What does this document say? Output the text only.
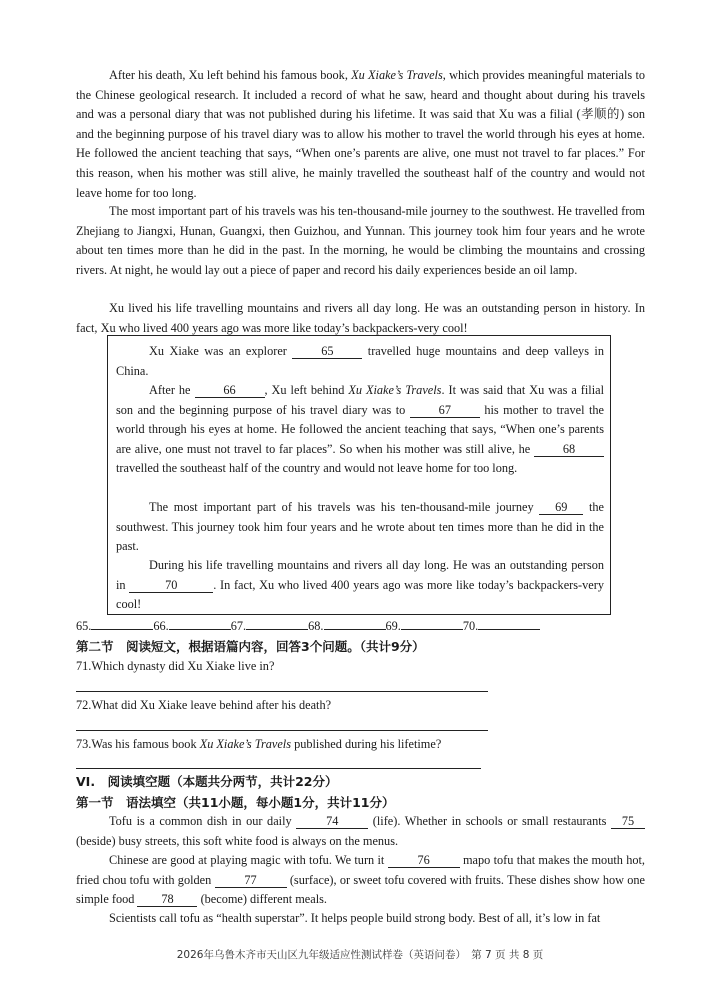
After his death, Xu left behind his famous book, Xu Xiake’s Travels, which provides meaningful materials to the Chinese geological research. It included a record of what he saw, heard and thought about during his travels and was a personal diary that was not published during his lifetime. It was said that Xu was a filial (孝顺的) son and the beginning purpose of his travel diary was to allow his mother to travel the world through his eyes at home. He followed the ancient teaching that says, “When one’s parents are alive, one must not travel to far places.” For this reason, when his mother was still alive, he mainly travelled the southeast half of the country and would not leave home for too long.

The most important part of his travels was his ten-thousand-mile journey to the southwest. He travelled from Zhejiang to Jiangxi, Hunan, Guangxi, then Guizhou, and Yunnan. This journey took him four years and he wrote about ten times more than he did in the past. In the morning, he would be climbing the mountains and crossing rivers. At night, he would lay out a piece of paper and record his daily experiences beside an oil lamp.

Xu lived his life travelling mountains and rivers all day long. He was an outstanding person in history. In fact, Xu who lived 400 years ago was more like today’s backpackers-very cool!

Xu Xiake was an explorer	65	travelled huge mountains and deep valleys in China.

After he	66 , Xu left behind Xu Xiake’s Travels. It was said that Xu was a filial son and the beginning purpose of his travel diary was to	67	his mother to travel the world through his eyes at home. He followed the ancient teaching that says, “When one’s parents are alive, one must not travel to far places”. So when his mother was still alive, he	68 travelled the southeast half of the country and would not leave home for too long.

The most important part of his travels was his ten-thousand-mile journey 69 the southwest. This journey took him four years and he wrote about ten times more than he did in the past.

During his life travelling mountains and rivers all day long. He was an outstanding person in	70	. In fact, Xu who lived 400 years ago was more like today’s backpackers-very cool!

65.	66.	67.	68.	69.	70.
第二节　阅读短文，根据语篇内容，回答3个问题。（共计9分）
71.Which dynasty did Xu Xiake live in?
72.What did Xu Xiake leave behind after his death?
73.Was his famous book Xu Xiake’s Travels published during his lifetime?
VI.　阅读填空题（本题共分两节，共计22分）
第一节　语法填空（共11小题，每小题1分，共计11分）

Tofu is a common dish in our daily	74	(life). Whether in schools or small restaurants 75 (beside) busy streets, this soft white food is always on the menus.

Chinese are good at playing magic with tofu. We turn it	76	mapo tofu that makes the mouth hot, fried chou tofu with golden	77	(surface), or sweet tofu covered with fruits. These dishes show how one simple food 78 (become) different meals.

Scientists call tofu as “health superstar”. It helps people build strong body. Best of all, it’s low in fat

2026年乌鲁木齐市天山区九年级适应性测试样卷（英语问卷）　第 7 页 共 8 页
